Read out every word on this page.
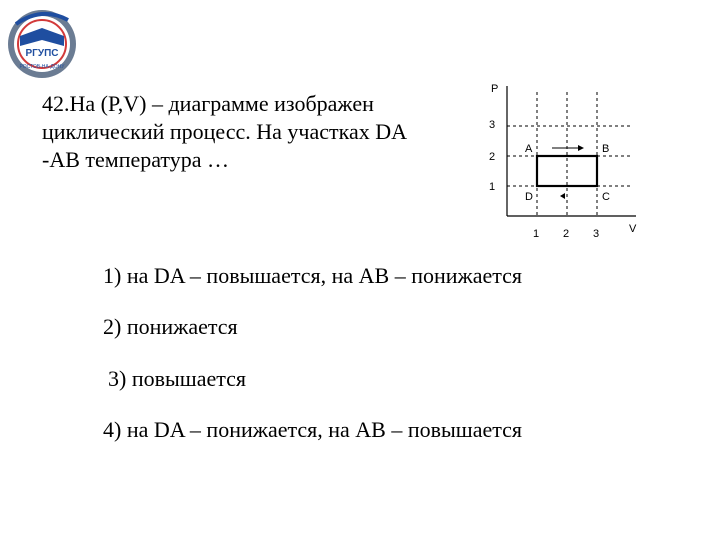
РГУПС
РОСТОВ-НА-ДОНУ
42.На (P,V) – диаграмме изображен
циклический процесс. На участках DA
-АВ температура …
P
V
1
2
3
1 2 3
A	B
C
D
1) на DA – повышается, на АВ – понижается
2) понижается
3) повышается
4) на DA – понижается, на АВ – повышается
